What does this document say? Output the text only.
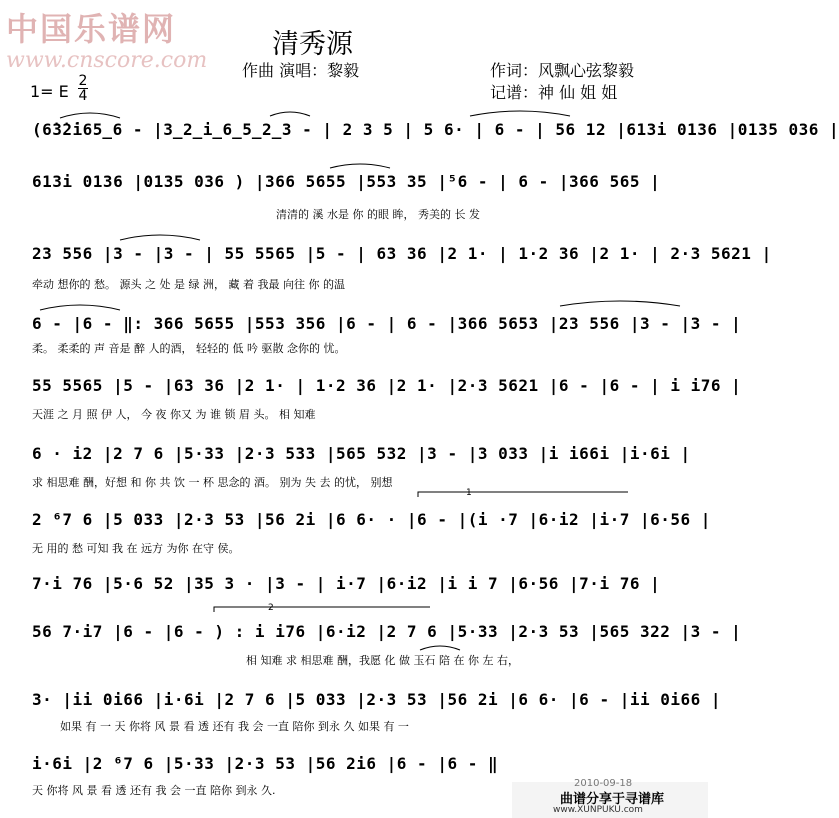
中国乐谱网
www.cnscore.com
清秀源
作曲 演唱：黎毅	作词：风飘心弦黎毅
记谱：神 仙 姐 姐
1= E
2
4
(6̇3̇2̇i65̲6 - |3̲2̲i̲6̲5̲2̲3 - | 2 3 5 | 5 6· | 6 - | 56 12 |613i 0136 |0135 036 |
613i 0136 |0135 036 ) |366 5655 |553 35 |⁵6 - | 6 - |366 565 |
清清的 溪 水是 你 的眼 眸， 秀美的 长 发
23 556 |3 - |3 - | 55 5565 |5 - | 63 36 |2 1· | 1·2 36 |2 1· | 2·3 5621 |
牵动 想你的 愁。 源头 之 处 是 绿 洲， 藏 着 我最 向往 你 的温
6 - |6 - ‖: 366 5655 |553 356 |6 - | 6 - |366 5653 |23 556 |3 - |3 - |
柔。 柔柔的 声 音是 醉 人的酒， 轻轻的 低 吟 驱散 念你的 忧。
55 5565 |5 - |63 36 |2 1· | 1·2 36 |2 1· |2·3 5621 |6 - |6 - | i i76 |
天涯 之 月 照 伊 人， 今 夜 你又 为 谁 锁 眉 头。 相 知难
6 · i2 |2 7 6 |5·33 |2·3 533 |565 532 |3 - |3 033 |i i66i |i·6i |
求 相思难 酬，好想 和 你 共 饮 一 杯 思念的 酒。 别为 失 去 的忧， 别想
2 ⁶7 6 |5 033 |2·3 53 |56 2i |6 6· · |6 - |(i ·7 |6·i2 |i·7 |6·56 |
无 用的 愁 可知 我 在 远方 为你 在守 侯。
7·i 76 |5·6 52 |35 3 · |3 - | i·7 |6·i2 |i i 7 |6·56 |7·i 76 |
56 7·i7 |6 - |6 - ) : i i76 |6·i2 |2 7 6 |5·33 |2·3 53 |565 322 |3 - |
相 知难 求 相思难 酬，我愿 化 做 玉石 陪 在 你 左 右，
3· |ii 0i66 |i·6i |2 7 6 |5 033 |2·3 53 |56 2i |6 6· |6 - |ii 0i66 |
如果 有 一 天 你将 风 景 看 透 还有 我 会 一直 陪你 到永 久 如果 有 一
i·6i |2 ⁶7 6 |5·33 |2·3 53 |56 2i6 |6 - |6 - ‖
天 你将 风 景 看 透 还有 我 会 一直 陪你 到永 久.
1
2
2010-09-18
曲谱分享于寻谱库
www.XUNPUKU.com
